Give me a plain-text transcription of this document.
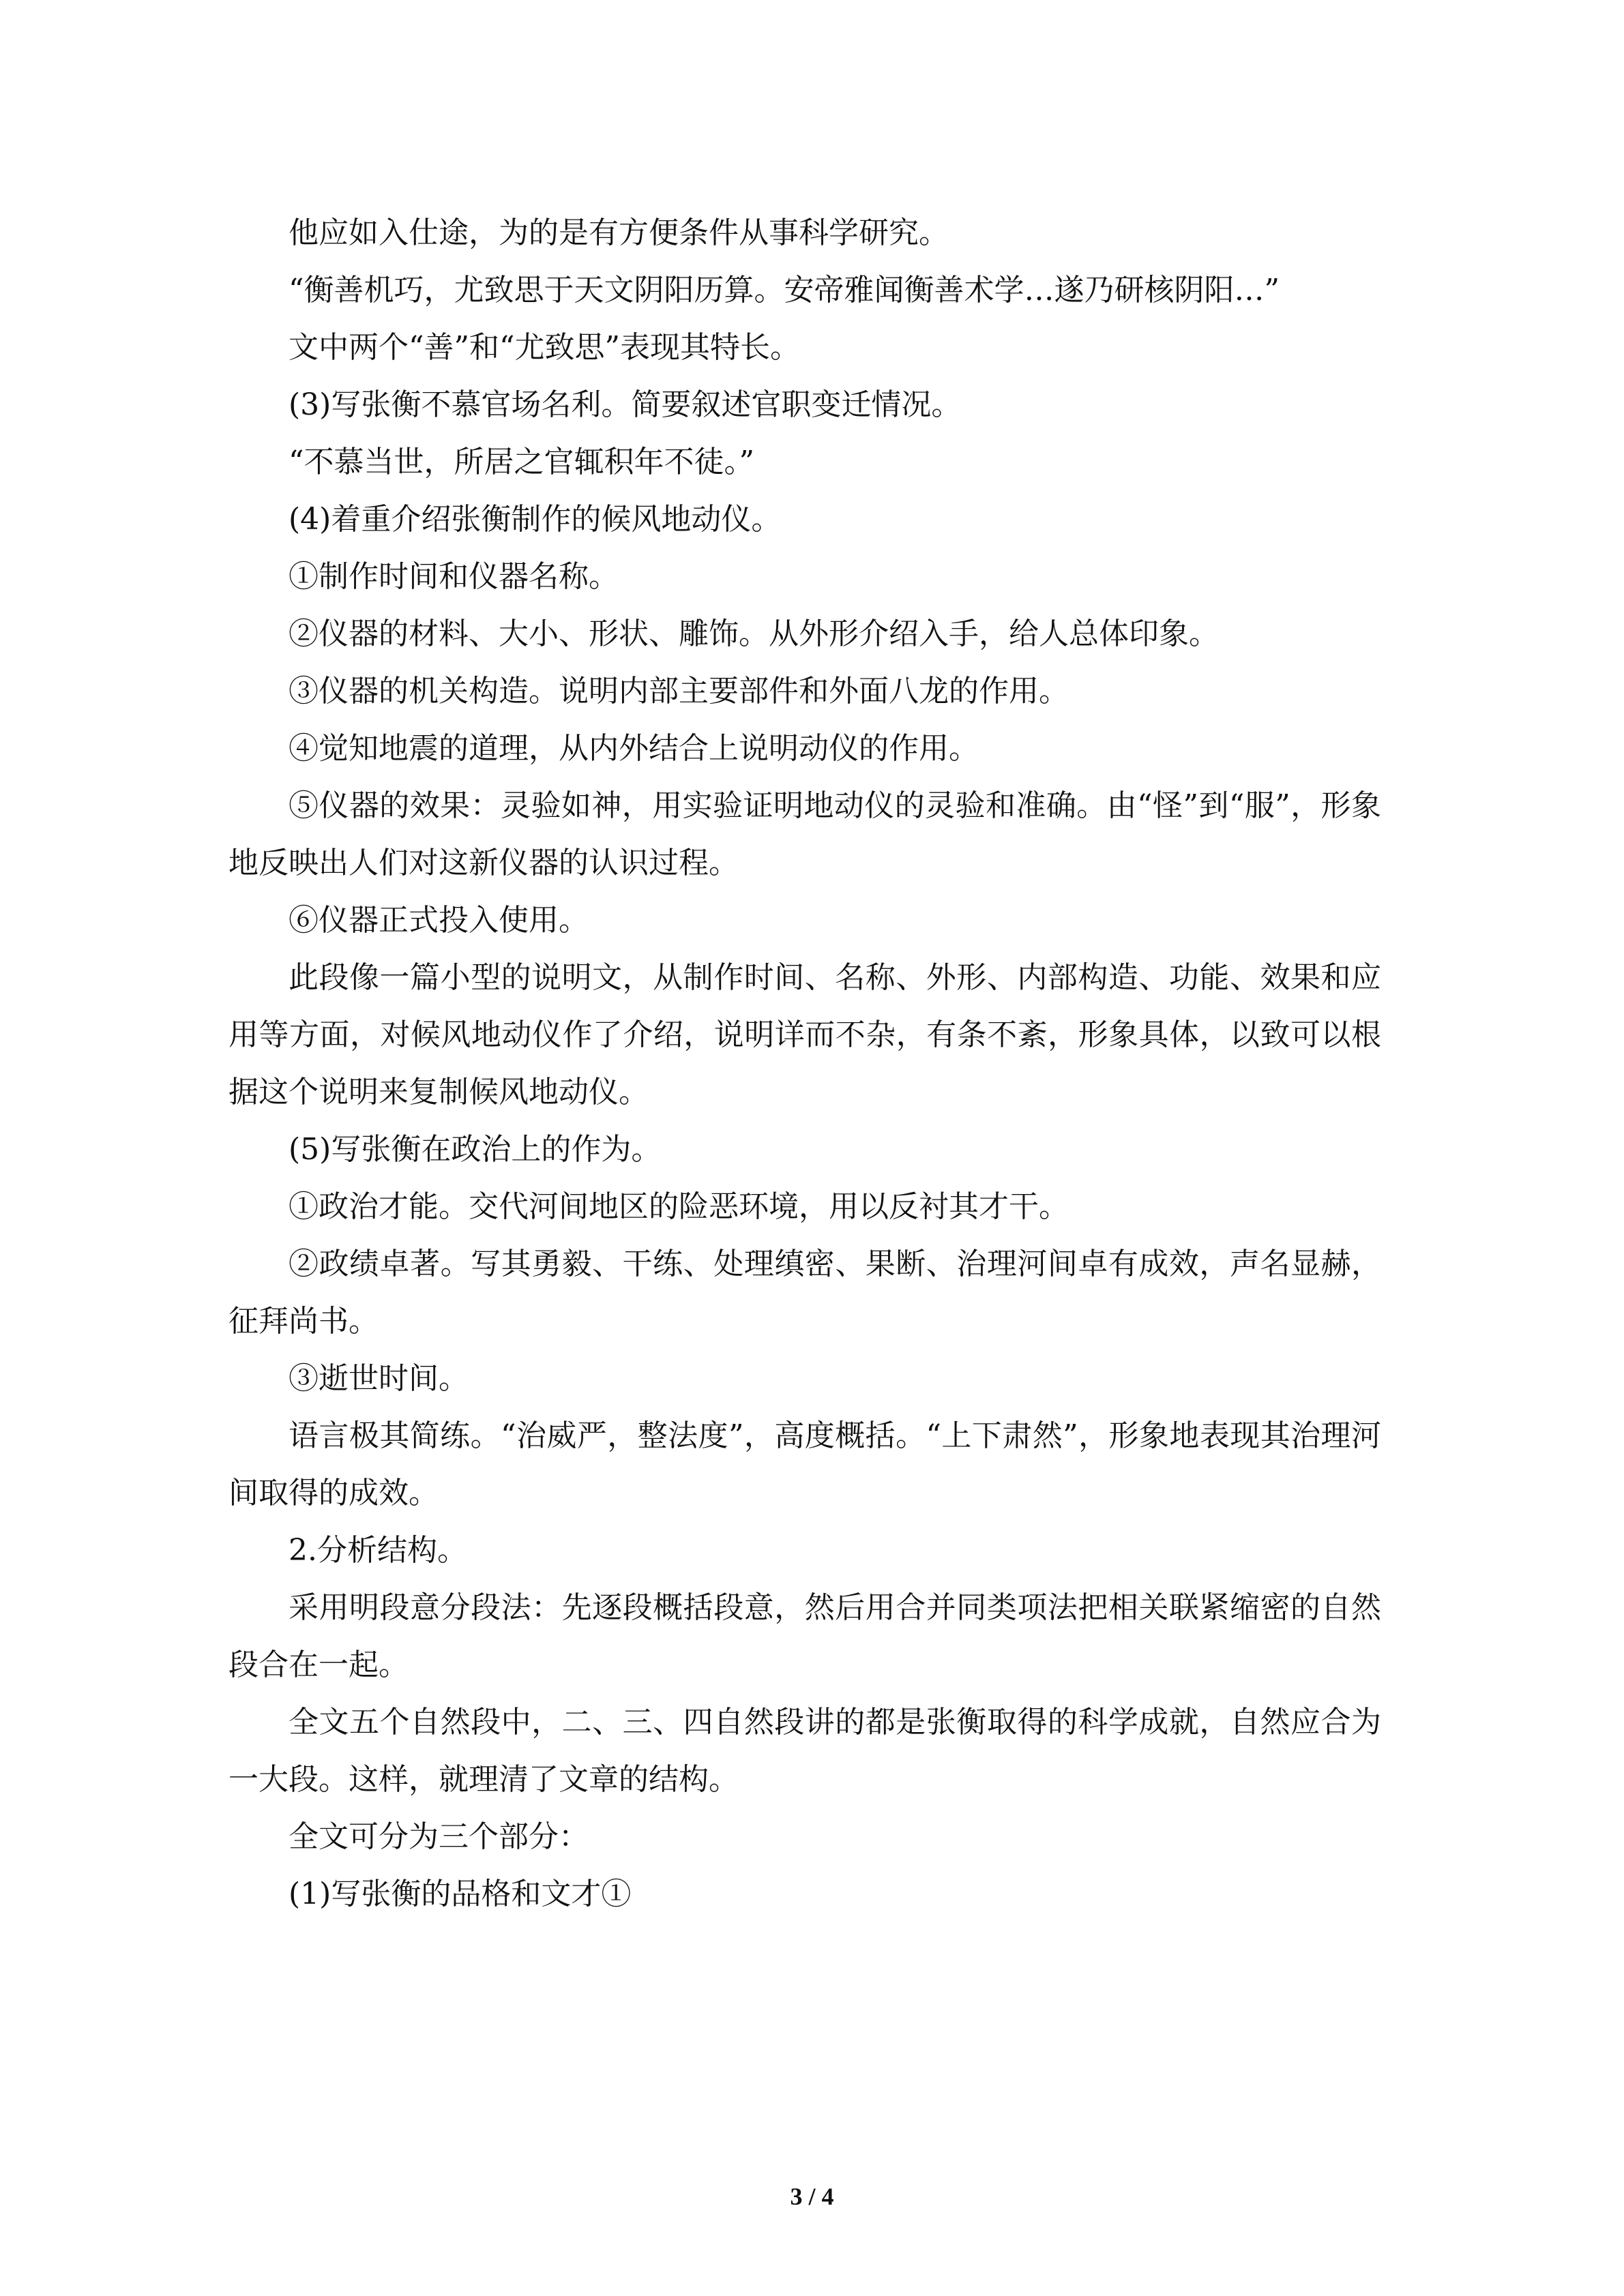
他应如入仕途，为的是有方便条件从事科学研究。

“衡善机巧，尤致思于天文阴阳历算。安帝雅闻衡善术学…遂乃研核阴阳…”

文中两个“善”和“尤致思”表现其特长。

(3)写张衡不慕官场名利。简要叙述官职变迁情况。

“不慕当世，所居之官辄积年不徒。”

(4)着重介绍张衡制作的候风地动仪。

①制作时间和仪器名称。

②仪器的材料、大小、形状、雕饰。从外形介绍入手，给人总体印象。

③仪器的机关构造。说明内部主要部件和外面八龙的作用。

④觉知地震的道理，从内外结合上说明动仪的作用。

⑤仪器的效果：灵验如神，用实验证明地动仪的灵验和准确。由“怪”到“服”，形象地反映出人们对这新仪器的认识过程。

⑥仪器正式投入使用。

此段像一篇小型的说明文，从制作时间、名称、外形、内部构造、功能、效果和应用等方面，对候风地动仪作了介绍，说明详而不杂，有条不紊，形象具体，以致可以根据这个说明来复制候风地动仪。

(5)写张衡在政治上的作为。

①政治才能。交代河间地区的险恶环境，用以反衬其才干。

②政绩卓著。写其勇毅、干练、处理缜密、果断、治理河间卓有成效，声名显赫，征拜尚书。

③逝世时间。

语言极其简练。“治威严，整法度”，高度概括。“上下肃然”，形象地表现其治理河间取得的成效。

2.分析结构。

采用明段意分段法：先逐段概括段意，然后用合并同类项法把相关联紧缩密的自然段合在一起。

全文五个自然段中，二、三、四自然段讲的都是张衡取得的科学成就，自然应合为一大段。这样，就理清了文章的结构。

全文可分为三个部分：

(1)写张衡的品格和文才①

3 / 4
